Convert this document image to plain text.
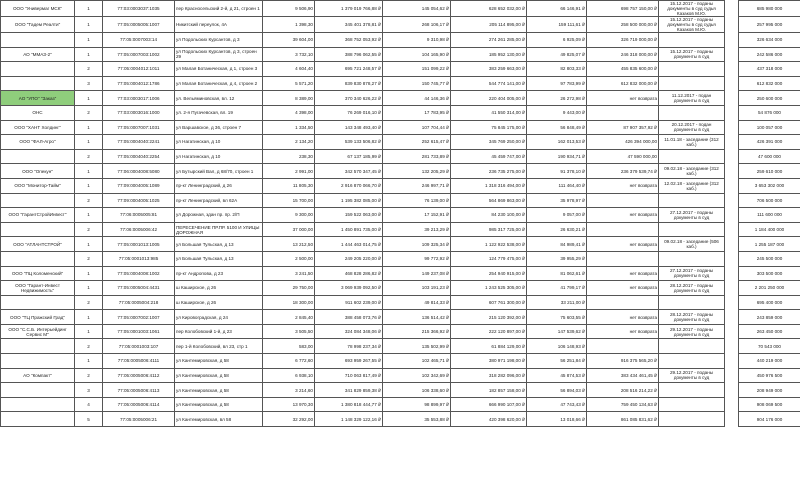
ООО "Универмаг МСК"	1	77:03:0003037:1035	пер Красносельский 2-й, д 21, строен 1	9 506,90	1 379 019 766,88 ₽	145 054,62 ₽	628 652 032,00 ₽	66 146,91 ₽	698 757 150,00 ₽	15.12.2017 - поданы документы в суд судья Казаков М.Ю.		685 980 000
ООО "Тадем Реалти"	1	77:05:0005005:1007	Никитский переулок, 4А	1 398,30	345 401 378,81 ₽	268 106,17 ₽	205 114 895,00 ₽	159 111,61 ₽	258 500 000,00 ₽	15.12.2017 - поданы документы в суд судья Казаков М.Ю.		257 995 000
	1	77:05:0007003:14	ул Подольских Курсантов, д 3	39 604,00	368 752 053,92 ₽	9 310,98 ₽	274 261 285,00 ₽	6 925,09 ₽	326 719 000,00 ₽			326 634 000
АО "ММАЗ-2"	1	77:05:0007003:1002	ул Подольских Курсантов, д 3, строен 29	3 732,10	388 796 062,55 ₽	104 165,90 ₽	185 952 130,00 ₽	49 825,07 ₽	246 318 000,00 ₽	15.12.2017 - поданы документы в суд		242 586 000
	2	77:05:0004012:1011	ул Малая Ботаническая, д 1, строен 3	4 604,40	695 721 248,57 ₽	151 099,22 ₽	383 259 663,00 ₽	82 803,33 ₽	455 835 600,00 ₽			437 318 000
	3	77:05:0004012:1786	ул Малая Ботаническая, д 4, строен 2	5 571,20	839 830 878,27 ₽	150 745,77 ₽	544 774 141,00 ₽	97 783,99 ₽	612 832 000,00 ₽			612 832 000
АО "УПО" "Заказ"	1	77:03:0003017:1006	ул. Вельяминовская, вл. 12	8 389,00	370 340 626,22 ₽	44 146,36 ₽	220 404 005,00 ₽	26 272,98 ₽	нет возврата	11.12.2017 - подан документы в суд		250 600 000
ОНС	2	77:03:0003016:1000	ул. 2-я Пугачевская, вл. 19	4 398,00	76 269 016,10 ₽	17 783,95 ₽	41 550 314,00 ₽	9 443,00 ₽				54 876 000
ООО "ХАНТ Холдинг"	1	77:05:0007007:1031	ул Варшавское, д 36, строен 7	1 334,50	143 348 493,40 ₽	107 704,44 ₽	75 845 175,00 ₽	56 848,49 ₽	87 907 357,92 ₽	20.12.2017 - подан документы в суд		100 057 000
ООО "ФАЛ-Агро"	1	77:05:0004040:2241	ул Нагатинская, д 10	2 134,20	539 133 506,82 ₽	252 615,47 ₽	345 769 250,00 ₽	162 013,53 ₽	426 394 000,00	11.01.18 - заседание (312 каб.)		426 391 000
	2	77:05:0004040:2254	ул Нагатинская, д 10	238,30	67 137 185,99 ₽	281 733,89 ₽	45 459 747,00 ₽	190 934,71 ₽	47 590 000,00			47 600 000
ООО "Опекун"	1	77:06:0004008:5080	ул Бутырский Вал, д 68/70, строен 1	2 991,00	342 570 347,45 ₽	132 205,29 ₽	236 735 275,00 ₽	91 378,10 ₽	236 379 539,74 ₽	09.02.18 - заседание (312 каб.)		259 610 000
ООО "Монитор-Тайм"	1	77:09:0004005:1089	пр-кт Ленинградский, д 26	11 805,30	2 916 870 066,70 ₽	246 997,71 ₽	1 318 316 494,00 ₽	111 464,40 ₽	нет возврата	12.02.18 - заседание (312 каб.)		3 653 302 000
	2	77:09:0004005:1025	пр-кт Ленинградский, вл 62А	15 700,00	1 195 382 085,00 ₽	76 139,00 ₽	564 869 863,00 ₽	35 978,97 ₽				706 500 000
ООО "ГарантСтройИнвест"	1	77:06:0005005:81	ул Дорожная, здан пр. пр. 2/П	9 300,00	159 522 063,00 ₽	17 152,91 ₽	84 230 100,00 ₽	9 057,00 ₽	нет возврата	27.12.2017 - поданы документы в суд		111 600 000
	2	77:06:0005006:42	ПЕРЕСЕЧЕНИЕ ПР.ПР. 5100 И УЛИЦЫ ДОРОЖНАЯ	37 000,00	1 450 891 735,00 ₽	39 213,29 ₽	985 317 725,00 ₽	26 630,21 ₽				1 184 400 000
ООО "АТЛАНТСТРОЙ"	1	77:05:0001013:1005	ул Большая Тульская, д 13	13 212,50	1 444 463 014,75 ₽	109 325,34 ₽	1 122 922 538,00 ₽	84 989,41 ₽	нет возврата	09.02.18 - заседание (506 каб.)		1 255 187 000
	2	77:05:0001013:985	ул Большая Тульская, д 13	2 500,00	249 205 220,00 ₽	99 772,92 ₽	124 779 475,00 ₽	39 955,29 ₽				245 500 000
ООО "ПЦ Коломенский"	1	77:05:0004008:1002	пр-кт Андропова, д 23	3 241,50	468 828 286,82 ₽	149 237,08 ₽	254 940 915,00 ₽	81 062,61 ₽	нет возврата	27.12.2017 - поданы документы в суд		303 500 000
ООО "Гарант-Инвест Недвижимость"	1	77:05:0005004:4431	ш Каширское, д 26	29 750,00	3 069 939 092,50 ₽	103 191,23 ₽	1 243 525 305,00 ₽	41 799,17 ₽	нет возврата	28.12.2017 - поданы документы в суд		2 201 250 000
	2	77:05:0005004:218	ш Каширское, д 26	18 300,00	911 602 239,00 ₽	49 814,33 ₽	607 761 300,00 ₽	33 211,00 ₽				695 400 000
ООО "ТЦ Пражский Град"	1	77:05:0007002:1007	ул Кировоградская, д 24	2 845,40	388 458 073,76 ₽	136 514,42 ₽	215 120 392,00 ₽	75 603,55 ₽	нет возврата	28.12.2017 - поданы документы в суд		243 859 000
ООО "С.С.Б. Интерьейдинг Сервис М"	1	77:05:0001003:1061	пер Колобовский 1-й, д 23	3 505,50	324 084 348,06 ₽	215 366,92 ₽	222 120 897,00 ₽	147 539,62 ₽	нет возврата	29.12.2017 - поданы документы в суд		263 450 000
	2	77:05:0001003:107	пер 1-й Колобовский, вл 23, стр 1	583,00	78 998 237,34 ₽	135 502,99 ₽	61 884 129,00 ₽	106 148,93 ₽				70 543 000
	1	77:05:0005006:4111	ул Кантемировская, д 58	6 772,60	693 959 267,55 ₽	102 465,71 ₽	380 971 198,00 ₽	56 251,84 ₽	916 375 565,20 ₽			440 219 000
АО "Компакт"	2	77:05:0005006:4112	ул Кантемировская, д 58	6 938,10	710 063 817,49 ₽	102 342,69 ₽	318 282 096,00 ₽	45 874,53 ₽	383 434 461,45 ₽	29.12.2017 - поданы документы в суд		450 976 500
	3	77:05:0005006:4113	ул Кантемировская, д 58	3 214,60	341 829 859,38 ₽	106 338,60 ₽	182 857 158,00 ₽	56 894,03 ₽	208 516 214,22 ₽			208 949 000
	4	77:05:0005006:4114	ул Кантемировская, д 58	13 970,30	1 380 818 444,77 ₽	98 899,97 ₽	666 990 107,00 ₽	47 743,43 ₽	759 450 134,63 ₽			908 069 500
	5	77:05:0005006:21	ул Кантемировская, вл 58	32 292,00	1 148 329 122,16 ₽	35 553,88 ₽	420 398 620,00 ₽	13 018,66 ₽	861 085 831,62 ₽			904 176 000
